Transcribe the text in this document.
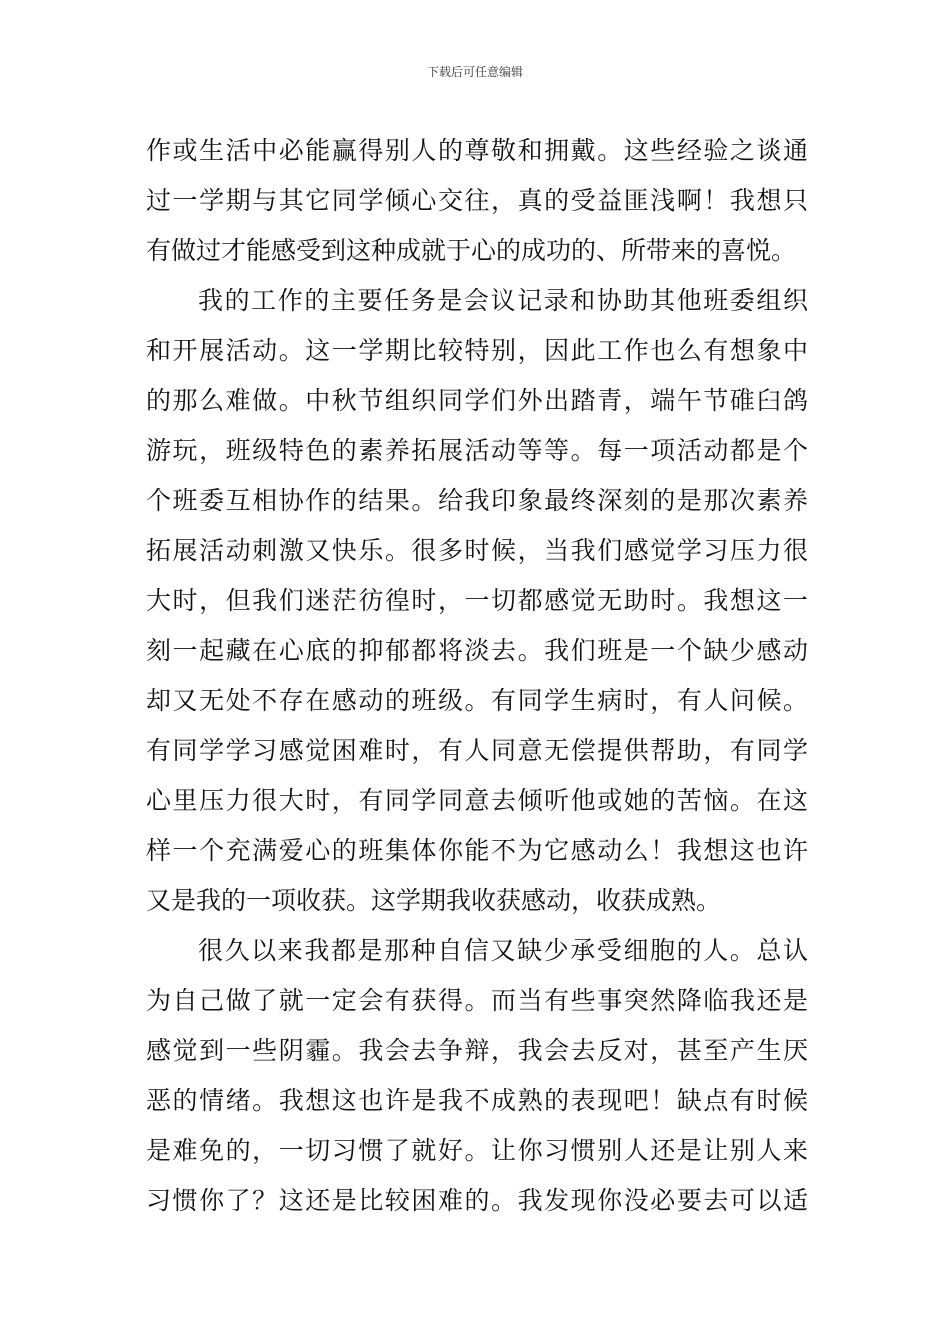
下载后可任意编辑
作或生活中必能赢得别人的尊敬和拥戴。这些经验之谈通
过一学期与其它同学倾心交往，真的受益匪浅啊！我想只
有做过才能感受到这种成就于心的成功的、所带来的喜悦。
我的工作的主要任务是会议记录和协助其他班委组织
和开展活动。这一学期比较特别，因此工作也么有想象中
的那么难做。中秋节组织同学们外出踏青，端午节碓臼鸽
游玩，班级特色的素养拓展活动等等。每一项活动都是个
个班委互相协作的结果。给我印象最终深刻的是那次素养
拓展活动刺激又快乐。很多时候，当我们感觉学习压力很
大时，但我们迷茫彷徨时，一切都感觉无助时。我想这一
刻一起藏在心底的抑郁都将淡去。我们班是一个缺少感动
却又无处不存在感动的班级。有同学生病时，有人问候。
有同学学习感觉困难时，有人同意无偿提供帮助，有同学
心里压力很大时，有同学同意去倾听他或她的苦恼。在这
样一个充满爱心的班集体你能不为它感动么！我想这也许
又是我的一项收获。这学期我收获感动，收获成熟。
很久以来我都是那种自信又缺少承受细胞的人。总认
为自己做了就一定会有获得。而当有些事突然降临我还是
感觉到一些阴霾。我会去争辩，我会去反对，甚至产生厌
恶的情绪。我想这也许是我不成熟的表现吧！缺点有时候
是难免的，一切习惯了就好。让你习惯别人还是让别人来
习惯你了？这还是比较困难的。我发现你没必要去可以适
